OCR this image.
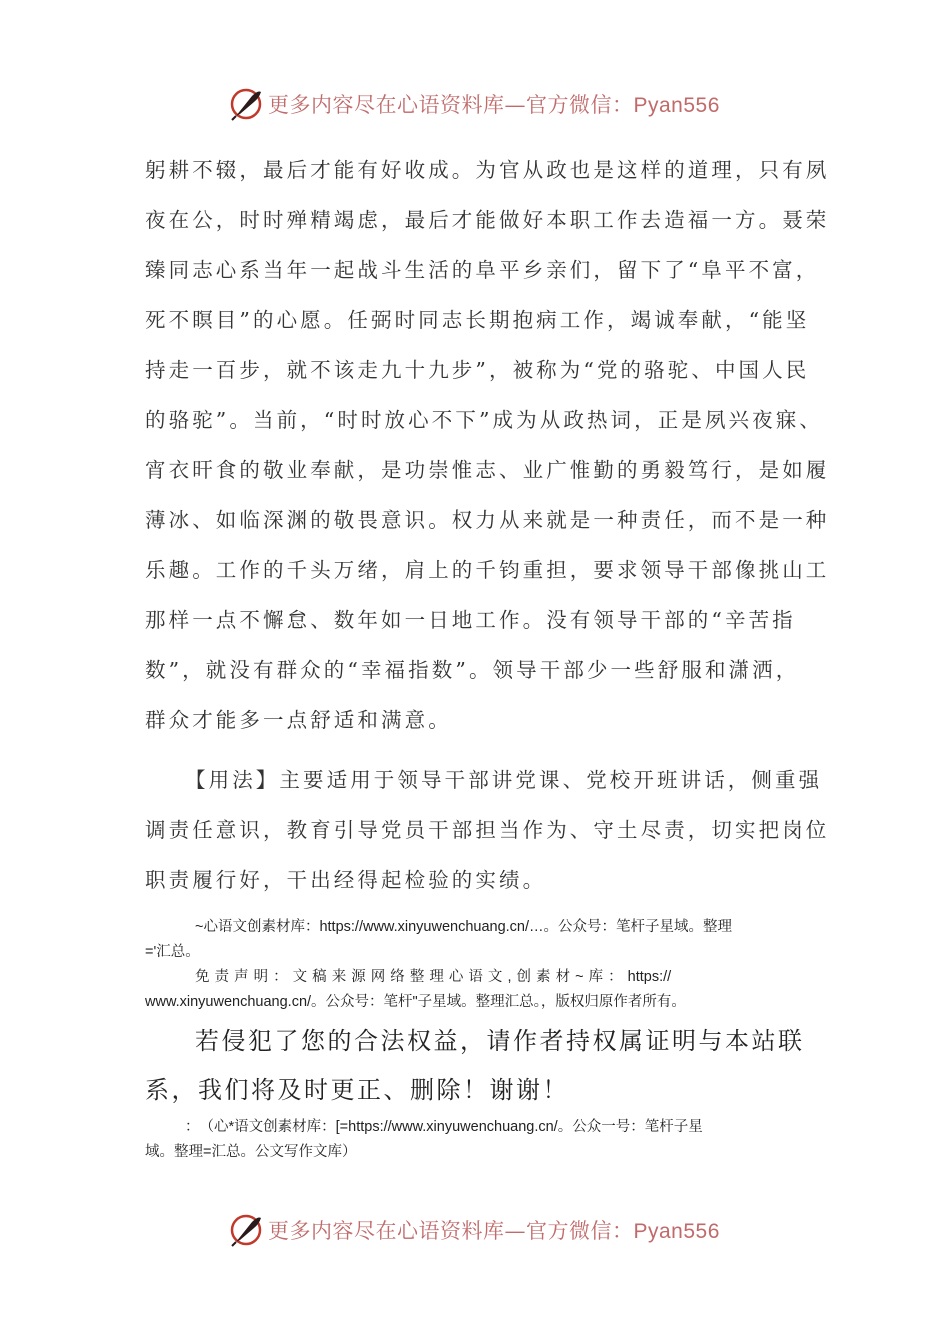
更多内容尽在心语资料库—官方微信：Pyan556
躬耕不辍，最后才能有好收成。为官从政也是这样的道理，只有夙
夜在公，时时殚精竭虑，最后才能做好本职工作去造福一方。聂荣
臻同志心系当年一起战斗生活的阜平乡亲们，留下了“阜平不富，
死不瞑目”的心愿。任弼时同志长期抱病工作，竭诚奉献，“能坚
持走一百步，就不该走九十九步”，被称为“党的骆驼、中国人民
的骆驼”。当前，“时时放心不下”成为从政热词，正是夙兴夜寐、
宵衣旰食的敬业奉献，是功崇惟志、业广惟勤的勇毅笃行，是如履
薄冰、如临深渊的敬畏意识。权力从来就是一种责任，而不是一种
乐趣。工作的千头万绪，肩上的千钧重担，要求领导干部像挑山工
那样一点不懈怠、数年如一日地工作。没有领导干部的“辛苦指
数”，就没有群众的“幸福指数”。领导干部少一些舒服和潇洒，
群众才能多一点舒适和满意。
【用法】主要适用于领导干部讲党课、党校开班讲话，侧重强
调责任意识，教育引导党员干部担当作为、守土尽责，切实把岗位
职责履行好，干出经得起检验的实绩。
~心语文创素材库：https://www.xinyuwenchuang.cn/…。公众号：笔杆子星域。整理
='汇总。
免 责 声 明 ： 文 稿 来 源 网 络 整 理 心 语 文 , 创 素 材 ~ 库 ： https://
www.xinyuwenchuang.cn/。公众号：笔杆"子星域。整理汇总。，版权归原作者所有。
若侵犯了您的合法权益，请作者持权属证明与本站联
系，我们将及时更正、删除！谢谢！
：　（心*语文创素材库：[=https://www.xinyuwenchuang.cn/。公众一号：笔杆子星
域。整理=汇总。公文写作文库）
更多内容尽在心语资料库—官方微信：Pyan556
